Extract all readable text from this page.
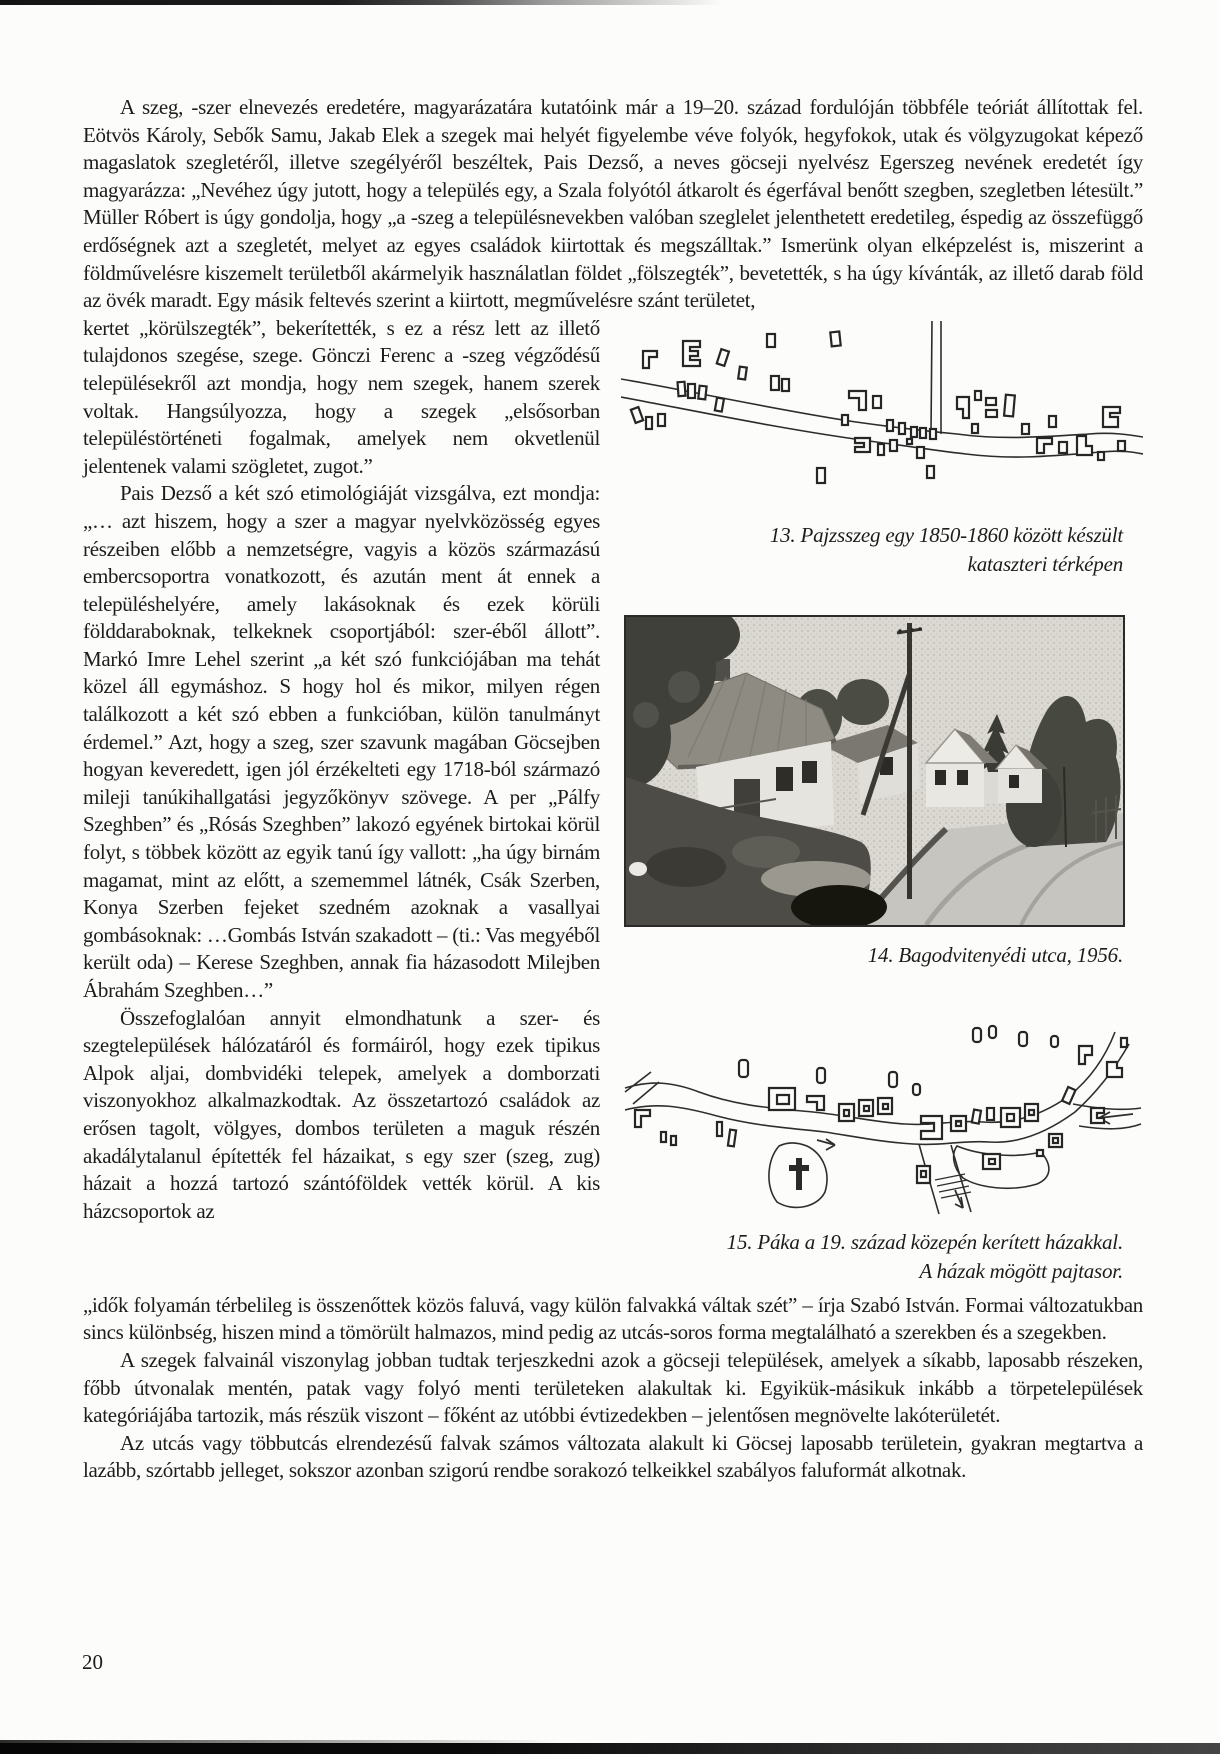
A szeg, -szer elnevezés eredetére, magyarázatára kutatóink már a 19–20. század fordulóján többféle teóriát állítottak fel. Eötvös Károly, Sebők Samu, Jakab Elek a szegek mai helyét figyelembe véve folyók, hegyfokok, utak és völgyzugokat képező magaslatok szegletéről, illetve szegélyéről beszéltek, Pais Dezső, a neves göcseji nyelvész Egerszeg nevének eredetét így magyarázza: „Nevéhez úgy jutott, hogy a település egy, a Szala folyótól átkarolt és égerfával benőtt szegben, szegletben létesült.” Müller Róbert is úgy gondolja, hogy „a -szeg a településnevekben valóban szeglelet jelenthetett eredetileg, éspedig az összefüggő erdőségnek azt a szegletét, melyet az egyes családok kiirtottak és megszálltak.” Ismerünk olyan elképzelést is, miszerint a földművelésre kiszemelt területből akármelyik használatlan földet „fölszegték”, bevetették, s ha úgy kívánták, az illető darab föld az övék maradt. Egy másik feltevés szerint a kiirtott, megművelésre szánt területet,

kertet „körülszegték”, bekerítették, s ez a rész lett az illető tulajdonos szegése, szege. Gönczi Ferenc a -szeg végződésű településekről azt mondja, hogy nem szegek, hanem szerek voltak. Hangsúlyozza, hogy a szegek „elsősorban településtörténeti fogalmak, amelyek nem okvetlenül jelentenek valami szögletet, zugot.”

Pais Dezső a két szó etimológiáját vizsgálva, ezt mondja: „… azt hiszem, hogy a szer a magyar nyelvközösség egyes részeiben előbb a nemzetségre, vagyis a közös származású embercsoportra vonatkozott, és azután ment át ennek a településhelyére, amely lakásoknak és ezek körüli földdaraboknak, telkeknek csoportjából: szer-éből állott”. Markó Imre Lehel szerint „a két szó funkciójában ma tehát közel áll egymáshoz. S hogy hol és mikor, milyen régen találkozott a két szó ebben a funkcióban, külön tanulmányt érdemel.” Azt, hogy a szeg, szer szavunk magában Göcsejben hogyan keveredett, igen jól érzékelteti egy 1718-ból származó mileji tanúkihallgatási jegyzőkönyv szövege. A per „Pálfy Szeghben” és „Rósás Szeghben” lakozó egyének birtokai körül folyt, s többek között az egyik tanú így vallott: „ha úgy birnám magamat, mint az előtt, a szememmel látnék, Csák Szerben, Konya Szerben fejeket szedném azoknak a vasallyai gombásoknak: …Gombás István szakadott – (ti.: Vas megyéből került oda) – Kerese Szeghben, annak fia házasodott Milejben Ábrahám Szeghben…”

Összefoglalóan annyit elmondhatunk a szer- és szegtelepülések hálózatáról és formáiról, hogy ezek tipikus Alpok aljai, dombvidéki telepek, amelyek a domborzati viszonyokhoz alkalmazkodtak. Az összetartozó családok az erősen tagolt, völgyes, dombos területen a maguk részén akadálytalanul építették fel házaikat, s egy szer (szeg, zug) házait a hozzá tartozó szántóföldek vették körül. A kis házcsoportok az

13. Pajzsszeg egy 1850-1860 között készült
kataszteri térképen
14. Bagodvitenyédi utca, 1956.
15. Páka a 19. század közepén kerített házakkal.
A házak mögött pajtasor.

„idők folyamán térbelileg is összenőttek közös faluvá, vagy külön falvakká váltak szét” – írja Szabó István. Formai változatukban sincs különbség, hiszen mind a tömörült halmazos, mind pedig az utcás-soros forma megtalálható a szerekben és a szegekben.

A szegek falvainál viszonylag jobban tudtak terjeszkedni azok a göcseji települések, amelyek a síkabb, laposabb részeken, főbb útvonalak mentén, patak vagy folyó menti területeken alakultak ki. Egyikük-másikuk inkább a törpetelepülések kategóriájába tartozik, más részük viszont – főként az utóbbi évtizedekben – jelentősen megnövelte lakóterületét.

Az utcás vagy többutcás elrendezésű falvak számos változata alakult ki Göcsej laposabb területein, gyakran megtartva a lazább, szórtabb jelleget, sokszor azonban szigorú rendbe sorakozó telkeikkel szabályos faluformát alkotnak.

20
